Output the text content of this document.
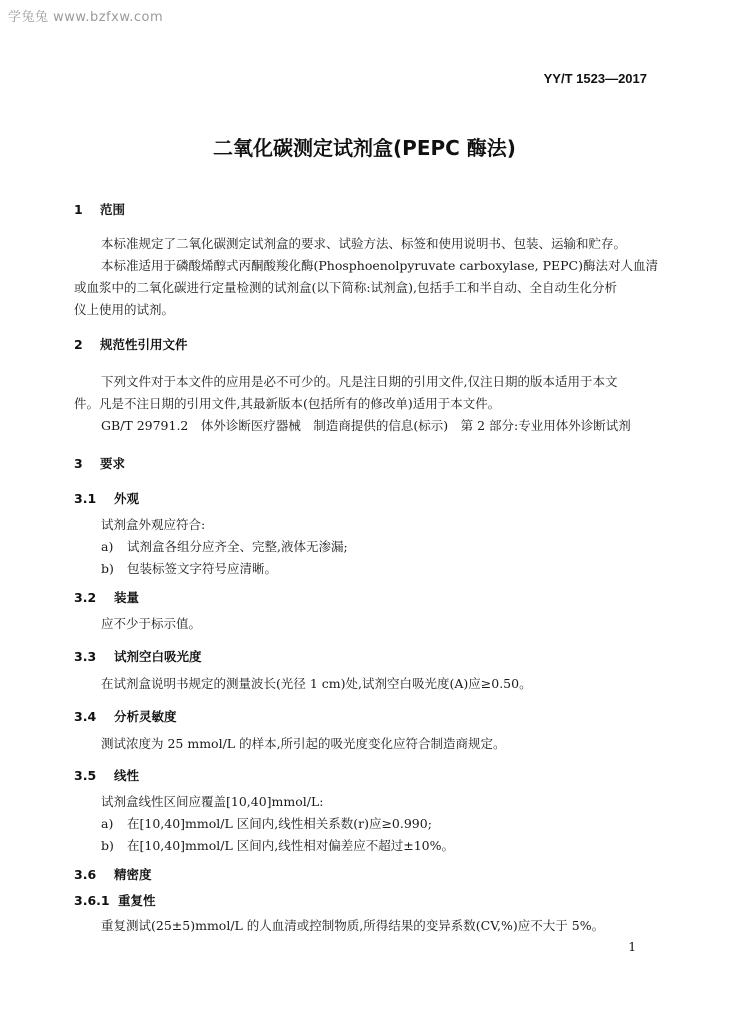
学兔兔 www.bzfxw.com
YY/T 1523—2017
二氧化碳测定试剂盒(PEPC 酶法)
1 范围
本标准规定了二氧化碳测定试剂盒的要求、试验方法、标签和使用说明书、包装、运输和贮存。
本标准适用于磷酸烯醇式丙酮酸羧化酶(Phosphoenolpyruvate carboxylase, PEPC)酶法对人血清
或血浆中的二氧化碳进行定量检测的试剂盒(以下简称:试剂盒),包括手工和半自动、全自动生化分析
仪上使用的试剂。
2 规范性引用文件
下列文件对于本文件的应用是必不可少的。凡是注日期的引用文件,仅注日期的版本适用于本文
件。凡是不注日期的引用文件,其最新版本(包括所有的修改单)适用于本文件。
GB/T 29791.2　体外诊断医疗器械　制造商提供的信息(标示)　第 2 部分:专业用体外诊断试剂
3 要求
3.1 外观
试剂盒外观应符合:
a) 试剂盒各组分应齐全、完整,液体无渗漏;
b) 包装标签文字符号应清晰。
3.2 装量
应不少于标示值。
3.3 试剂空白吸光度
在试剂盒说明书规定的测量波长(光径 1 cm)处,试剂空白吸光度(A)应≥0.50。
3.4 分析灵敏度
测试浓度为 25 mmol/L 的样本,所引起的吸光度变化应符合制造商规定。
3.5 线性
试剂盒线性区间应覆盖[10,40]mmol/L:
a) 在[10,40]mmol/L 区间内,线性相关系数(r)应≥0.990;
b) 在[10,40]mmol/L 区间内,线性相对偏差应不超过±10%。
3.6 精密度
3.6.1 重复性
重复测试(25±5)mmol/L 的人血清或控制物质,所得结果的变异系数(CV,%)应不大于 5%。
1
